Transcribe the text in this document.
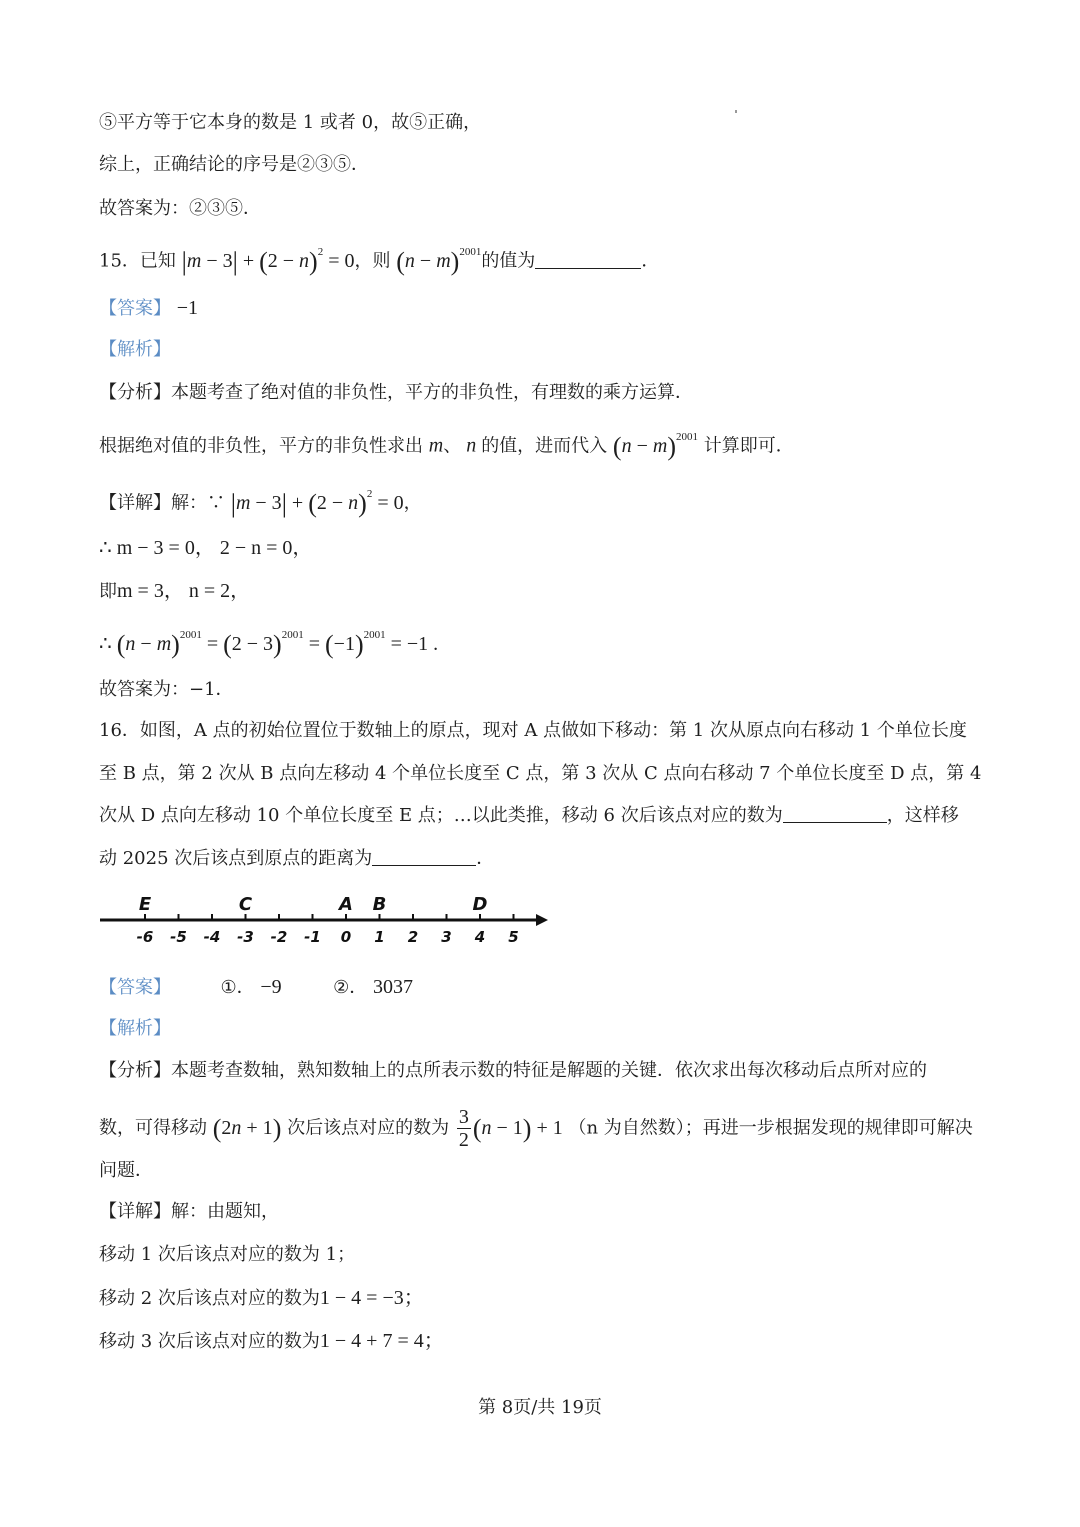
⑤平方等于它本身的数是 1 或者 0，故⑤正确，
综上，正确结论的序号是②③⑤．
故答案为：②③⑤．
15．已知 $|m - 3| + (2 - n)^2 = 0$，则 $(n - m)^{2001}$的值为	．
【答案】 −1
【解析】
【分析】本题考查了绝对值的非负性，平方的非负性，有理数的乘方运算．
根据绝对值的非负性，平方的非负性求出 m、 n 的值，进而代入 $(n - m)^{2001}$ 计算即可．
【详解】解：∵ $|m - 3| + (2 - n)^2 = 0$，
∴ m − 3 = 0， 2 − n = 0，
即m = 3， n = 2，
∴ $(n - m)^{2001} = (2 - 3)^{2001} = (-1)^{2001} = -1$ .
故答案为：−1．
16．如图，A 点的初始位置位于数轴上的原点，现对 A 点做如下移动：第 1 次从原点向右移动 1 个单位长度
至 B 点，第 2 次从 B 点向左移动 4 个单位长度至 C 点，第 3 次从 C 点向右移动 7 个单位长度至 D 点，第 4
次从 D 点向左移动 10 个单位长度至 E 点；…以此类推，移动 6 次后该点对应的数为	，这样移
动 2025 次后该点到原点的距离为	．
-6 -5 -4 -3 -2 -1 0 1 2 3 4 5
E	C	A B	D
【答案】	①． −9	②． 3037
【解析】
【分析】本题考查数轴，熟知数轴上的点所表示数的特征是解题的关键．依次求出每次移动后点所对应的
数，可得移动 (2n + 1) 次后该点对应的数为 $\frac{3}{2} (n - 1) + 1$ （n 为自然数）；再进一步根据发现的规律即可解决
问题．
【详解】解：由题知，
移动 1 次后该点对应的数为 1；
移动 2 次后该点对应的数为1 − 4 = −3；
移动 3 次后该点对应的数为1 − 4 + 7 = 4；
第 8页/共 19页
